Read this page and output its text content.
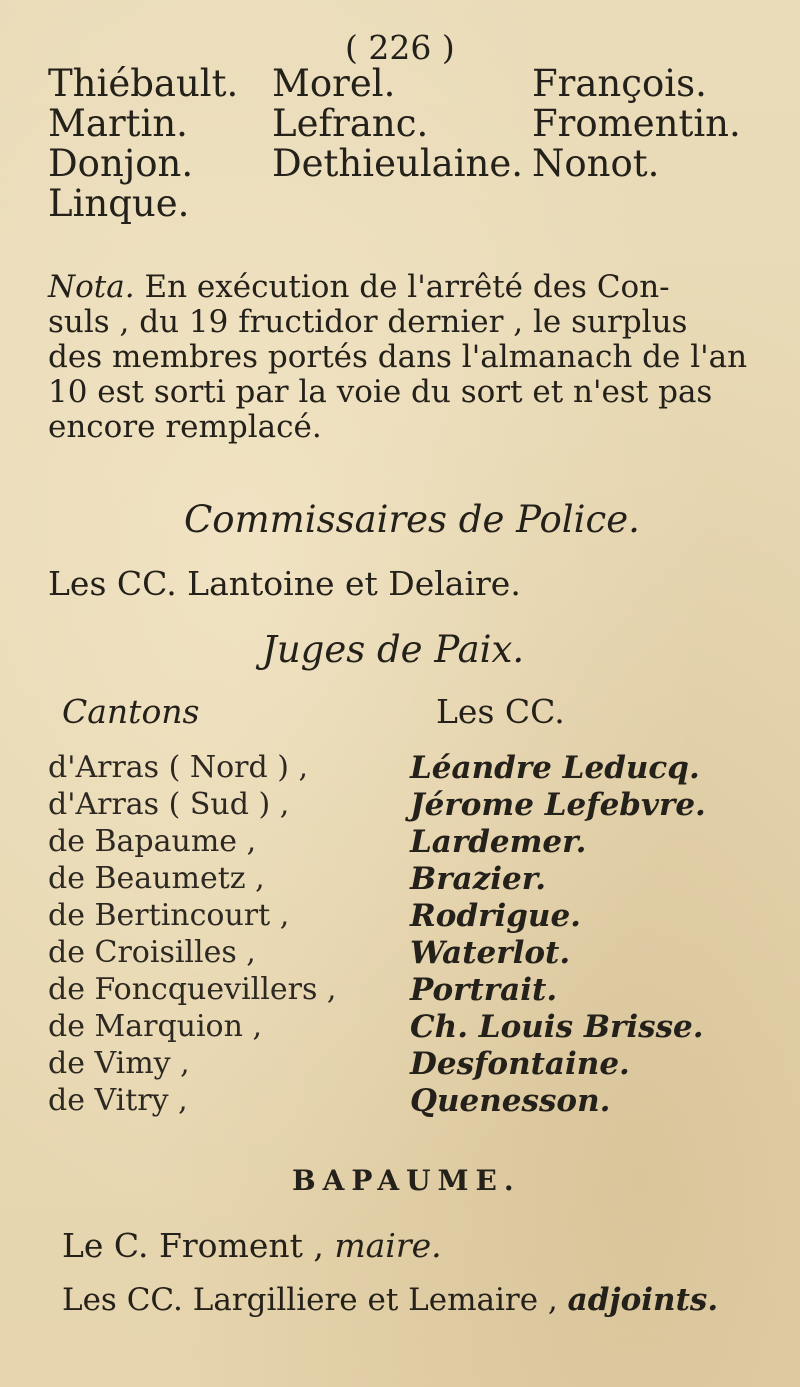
( 226 )
Thiébault. Morel.	François.
Martin. Lefranc.	Fromentin.
Donjon. Dethieulaine. Nonot.
Linque.
Nota. En exécution de l'arrêté des Con-
suls , du 19 fructidor dernier , le surplus
des membres portés dans l'almanach de l'an
10 est sorti par la voie du sort et n'est pas
encore remplacé.
Commissaires de Police.
Les CC. Lantoine et Delaire.
Juges de Paix.
Cantons	Les CC.
d'Arras ( Nord ) ,	Léandre Leducq.
d'Arras ( Sud ) ,	Jérome Lefebvre.
de Bapaume ,	Lardemer.
de Beaumetz ,	Brazier.
de Bertincourt ,	Rodrigue.
de Croisilles ,	Waterlot.
de Foncquevillers , Portrait.
de Marquion ,	Ch. Louis Brisse.
de Vimy ,	Desfontaine.
de Vitry ,	Quenesson.
BAPAUME.
Le C. Froment , maire.
Les CC. Largilliere et Lemaire , adjoints.
